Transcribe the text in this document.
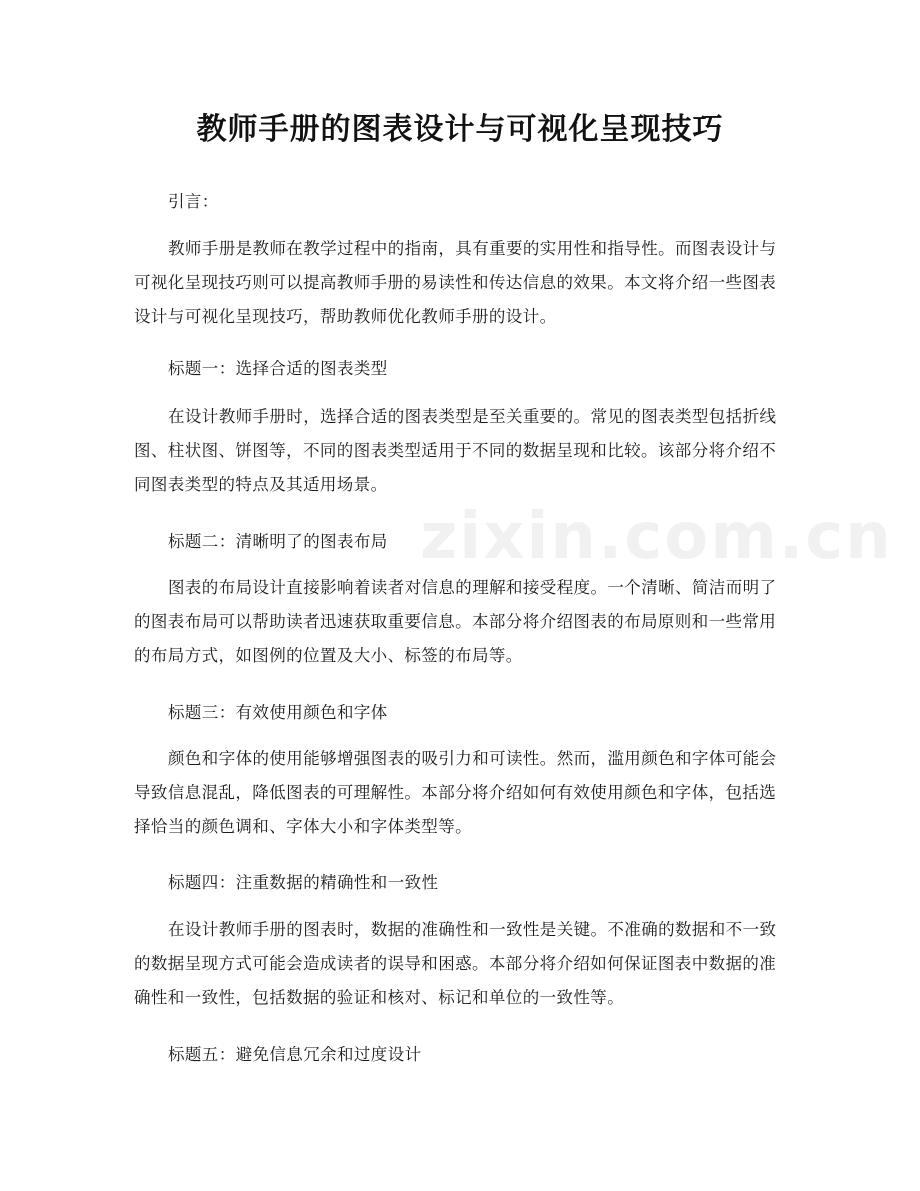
教师手册的图表设计与可视化呈现技巧

引言：

教师手册是教师在教学过程中的指南，具有重要的实用性和指导性。而图表设计与可视化呈现技巧则可以提高教师手册的易读性和传达信息的效果。本文将介绍一些图表设计与可视化呈现技巧，帮助教师优化教师手册的设计。

标题一：选择合适的图表类型

在设计教师手册时，选择合适的图表类型是至关重要的。常见的图表类型包括折线图、柱状图、饼图等，不同的图表类型适用于不同的数据呈现和比较。该部分将介绍不同图表类型的特点及其适用场景。

标题二：清晰明了的图表布局

图表的布局设计直接影响着读者对信息的理解和接受程度。一个清晰、简洁而明了的图表布局可以帮助读者迅速获取重要信息。本部分将介绍图表的布局原则和一些常用的布局方式，如图例的位置及大小、标签的布局等。

标题三：有效使用颜色和字体

颜色和字体的使用能够增强图表的吸引力和可读性。然而，滥用颜色和字体可能会导致信息混乱，降低图表的可理解性。本部分将介绍如何有效使用颜色和字体，包括选择恰当的颜色调和、字体大小和字体类型等。

标题四：注重数据的精确性和一致性

在设计教师手册的图表时，数据的准确性和一致性是关键。不准确的数据和不一致的数据呈现方式可能会造成读者的误导和困惑。本部分将介绍如何保证图表中数据的准确性和一致性，包括数据的验证和核对、标记和单位的一致性等。

标题五：避免信息冗余和过度设计

zixin.com.cn
